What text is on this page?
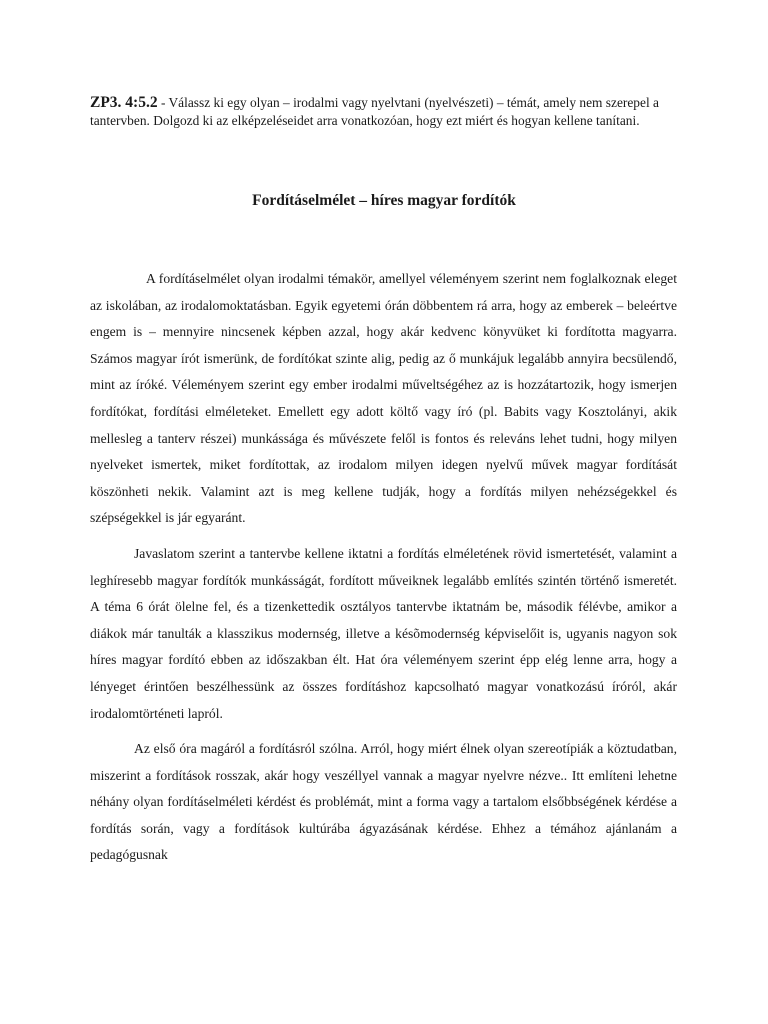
ZP3. 4:5.2 - Válassz ki egy olyan – irodalmi vagy nyelvtani (nyelvészeti) – témát, amely nem szerepel a tantervben. Dolgozd ki az elképzeléseidet arra vonatkozóan, hogy ezt miért és hogyan kellene tanítani.
Fordításelmélet – híres magyar fordítók

A fordításelmélet olyan irodalmi témakör, amellyel véleményem szerint nem foglalkoznak eleget az iskolában, az irodalomoktatásban. Egyik egyetemi órán döbbentem rá arra, hogy az emberek – beleértve engem is – mennyire nincsenek képben azzal, hogy akár kedvenc könyvüket ki fordította magyarra. Számos magyar írót ismerünk, de fordítókat szinte alig, pedig az ő munkájuk legalább annyira becsülendő, mint az íróké. Véleményem szerint egy ember irodalmi műveltségéhez az is hozzátartozik, hogy ismerjen fordítókat, fordítási elméleteket. Emellett egy adott költő vagy író (pl. Babits vagy Kosztolányi, akik mellesleg a tanterv részei) munkássága és művészete felől is fontos és releváns lehet tudni, hogy milyen nyelveket ismertek, miket fordítottak, az irodalom milyen idegen nyelvű művek magyar fordítását köszönheti nekik. Valamint azt is meg kellene tudják, hogy a fordítás milyen nehézségekkel és szépségekkel is jár egyaránt.

Javaslatom szerint a tantervbe kellene iktatni a fordítás elméletének rövid ismertetését, valamint a leghíresebb magyar fordítók munkásságát, fordított műveiknek legalább említés szintén történő ismeretét. A téma 6 órát ölelne fel, és a tizenkettedik osztályos tantervbe iktatnám be, második félévbe, amikor a diákok már tanulták a klasszikus modernség, illetve a késõmodernség képviselőit is, ugyanis nagyon sok híres magyar fordító ebben az időszakban élt. Hat óra véleményem szerint épp elég lenne arra, hogy a lényeget érintően beszélhessünk az összes fordításhoz kapcsolható magyar vonatkozású íróról, akár irodalomtörténeti lapról.

Az első óra magáról a fordításról szólna. Arról, hogy miért élnek olyan szereotípiák a köztudatban, miszerint a fordítások rosszak, akár hogy veszéllyel vannak a magyar nyelvre nézve.. Itt említeni lehetne néhány olyan fordításelméleti kérdést és problémát, mint a forma vagy a tartalom elsőbbségének kérdése a fordítás során, vagy a fordítások kultúrába ágyazásának kérdése. Ehhez a témához ajánlanám a pedagógusnak
